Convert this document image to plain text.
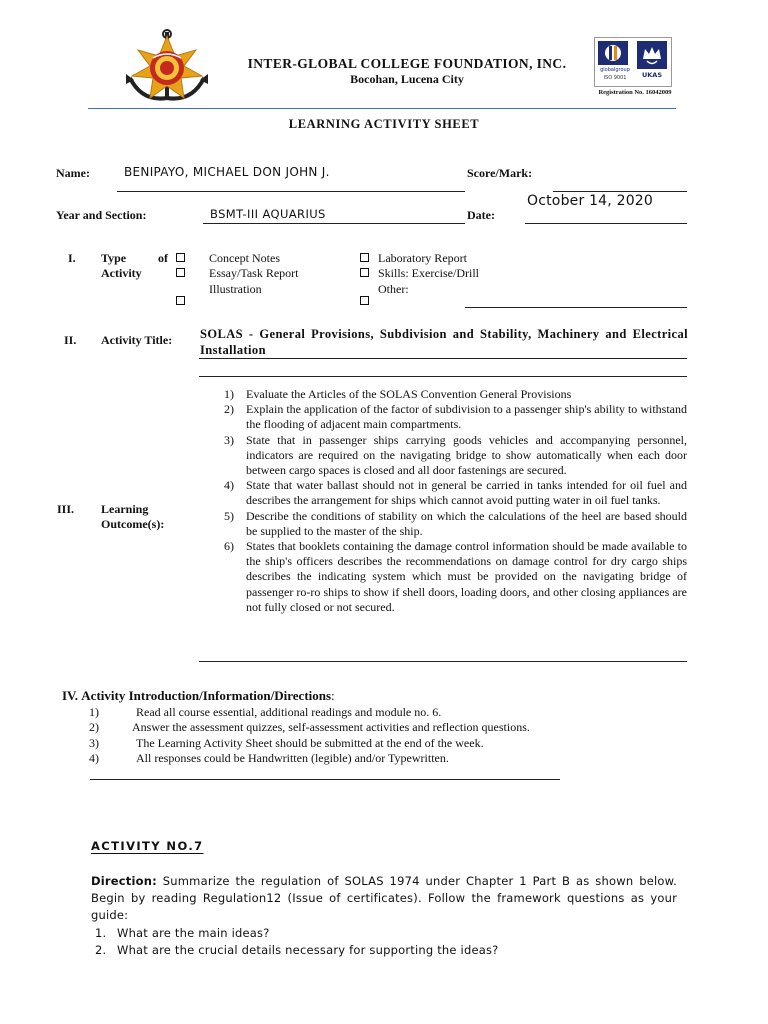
INTER-GLOBAL COLLEGE FOUNDATION, INC.
Bocohan, Lucena City
globalgroup
ISO 9001	UKAS
Registration No. 16042009
LEARNING ACTIVITY SHEET
Name:	BENIPAYO, MICHAEL DON JOHN J.	Score/Mark:
Year and Section:	BSMT-III AQUARIUS	Date:
October 14, 2020
I. Type	of
Activity
Concept Notes
Essay/Task Report
Illustration
Laboratory Report
Skills: Exercise/Drill
Other:
II. Activity Title: SOLAS - General Provisions, Subdivision and Stability, Machinery and Electrical Installation
III. Learning
Outcome(s):
1) Evaluate the Articles of the SOLAS Convention General Provisions
2) Explain the application of the factor of subdivision to a passenger ship's ability to withstand the flooding of adjacent main compartments.
3) State that in passenger ships carrying goods vehicles and accompanying personnel, indicators are required on the navigating bridge to show automatically when each door between cargo spaces is closed and all door fastenings are secured.
4) State that water ballast should not in general be carried in tanks intended for oil fuel and describes the arrangement for ships which cannot avoid putting water in oil fuel tanks.
5) Describe the conditions of stability on which the calculations of the heel are based should be supplied to the master of the ship.
6) States that booklets containing the damage control information should be made available to the ship's officers describes the recommendations on damage control for dry cargo ships describes the indicating system which must be provided on the navigating bridge of passenger ro-ro ships to show if shell doors, loading doors, and other closing appliances are not fully closed or not secured.
IV. Activity Introduction/Information/Directions:
1)	Read all course essential, additional readings and module no. 6.
2)	Answer the assessment quizzes, self-assessment activities and reflection questions.
3)	The Learning Activity Sheet should be submitted at the end of the week.
4)	All responses could be Handwritten (legible) and/or Typewritten.
ACTIVITY NO.7
Direction: Summarize the regulation of SOLAS 1974 under Chapter 1 Part B as shown below. Begin by reading Regulation12 (Issue of certificates). Follow the framework questions as your guide:
1. What are the main ideas?
2. What are the crucial details necessary for supporting the ideas?
